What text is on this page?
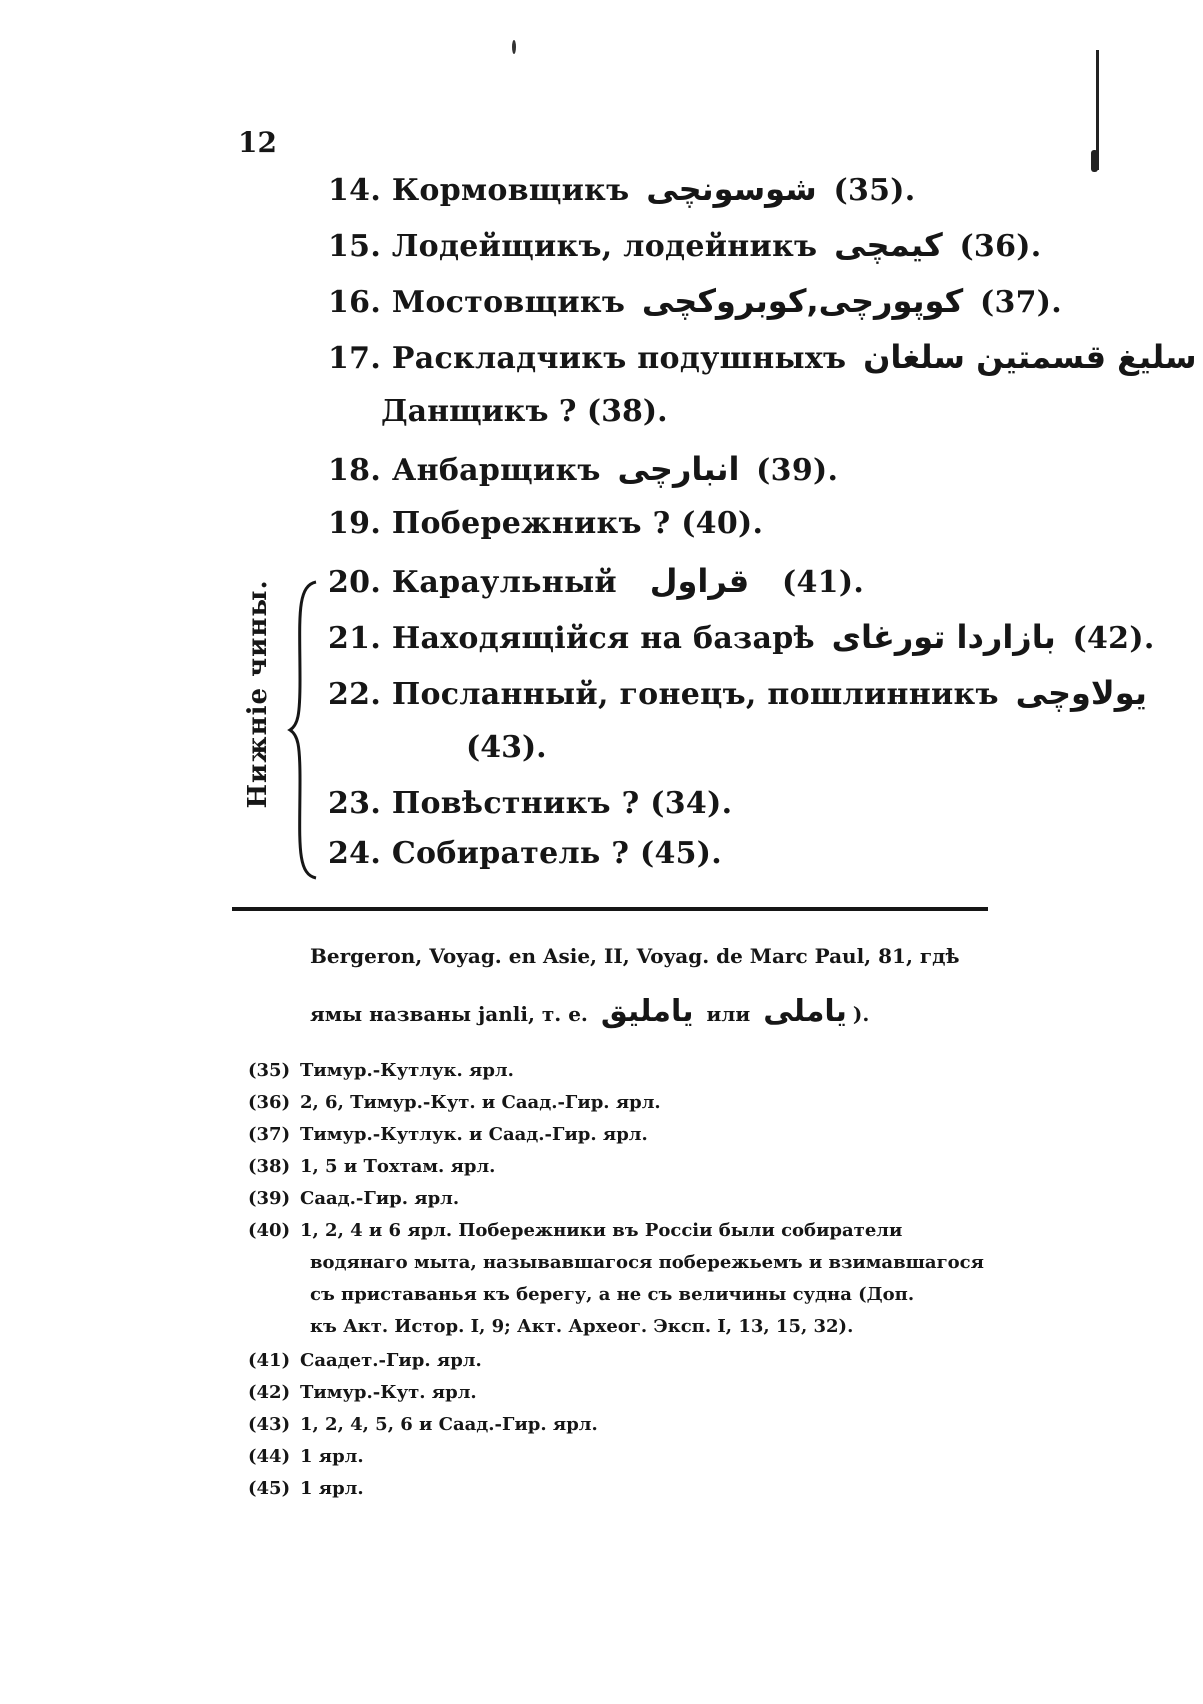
12
14. Кормовщикъ شوسونچی (35).
15. Лодейщикъ, лодейникъ کیمچی (36).
16. Мостовщикъ کوپورچی,کوبروکچی (37).
17. Раскладчикъ подушныхъ سلیغ قسمتین سلغان
Данщикъ ? (38).
18. Анбарщикъ انبارچی (39).
19. Побережникъ ? (40).
20. Караульный قراول (41).
21. Находящійся на базарѣ بازاردا تورغای (42).
22. Посланный, гонецъ, пошлинникъ یولاوچی
(43).
23. Повѣстникъ ? (34).
24. Собиратель ? (45).
Нижніе чины.
Bergeron, Voyag. en Asie, II, Voyag. de Marc Paul, 81, гдѣ
ямы названы janli, т. е. یاملیق или یاملی ).
(35) Тимур.-Кутлук. ярл.
(36) 2, 6, Тимур.-Кут. и Саад.-Гир. ярл.
(37) Тимур.-Кутлук. и Саад.-Гир. ярл.
(38) 1, 5 и Тохтам. ярл.
(39) Саад.-Гир. ярл.
(40) 1, 2, 4 и 6 ярл. Побережники въ Россіи были собиратели
водянаго мыта, называвшагося побережьемъ и взимавшагося
съ приставанья къ берегу, а не съ величины судна (Доп.
къ Акт. Истор. I, 9; Акт. Археог. Эксп. I, 13, 15, 32).
(41) Саадет.-Гир. ярл.
(42) Тимур.-Кут. ярл.
(43) 1, 2, 4, 5, 6 и Саад.-Гир. ярл.
(44) 1 ярл.
(45) 1 ярл.
